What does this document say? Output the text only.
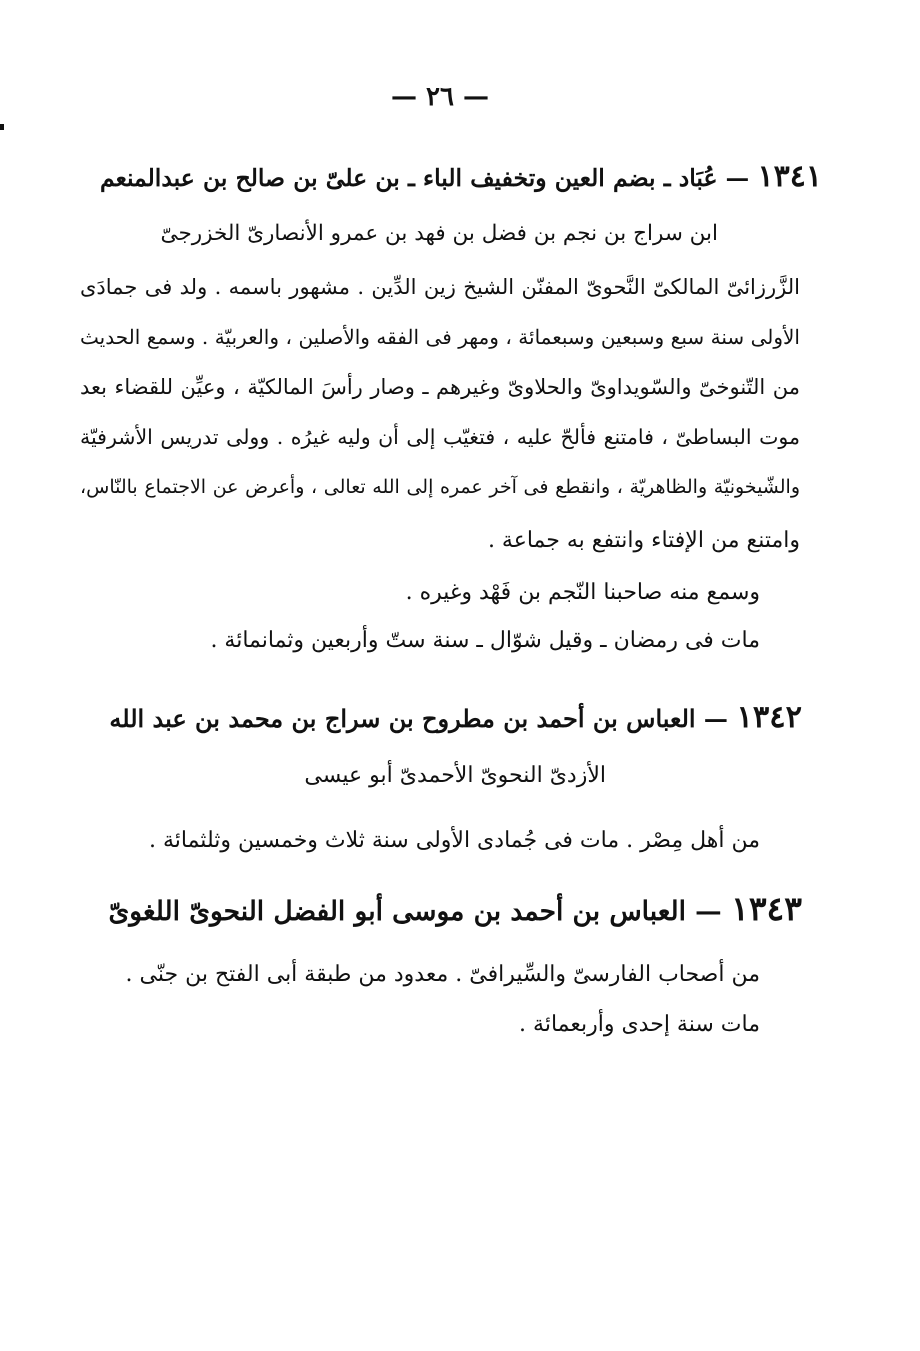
— ٢٦ —
١٣٤١ — عُبَاد ـ بضم العين وتخفيف الباء ـ بن علىّ بن صالح بن عبدالمنعم
ابن سراج بن نجم بن فضل بن فهد بن عمرو الأنصارىّ الخزرجىّ
الزَّرزائىّ المالكىّ النَّحوىّ المفنّن الشيخ زين الدِّين . مشهور باسمه . ولد فى جمادَى
الأولى سنة سبع وسبعين وسبعمائة ، ومهر فى الفقه والأصلين ، والعربيّة . وسمع الحديث
من التّنوخىّ والسّويداوىّ والحلاوىّ وغيرهم ـ وصار رأسَ المالكيّة ، وعيِّن للقضاء بعد
موت البساطىّ ، فامتنع فألحّ عليه ، فتغيّب إلى أن وليه غيرُه . وولى تدريس الأشرفيّة
والشّيخونيّة والظاهريّة ، وانقطع فى آخر عمره إلى الله تعالى ، وأعرض عن الاجتماع بالنّاس،
وامتنع من الإفتاء وانتفع به جماعة .
وسمع منه صاحبنا النّجم بن فَهْد وغيره .
مات فى رمضان ـ وقيل شوّال ـ سنة ستّ وأربعين وثمانمائة .
١٣٤٢ — العباس بن أحمد بن مطروح بن سراج بن محمد بن عبد الله
الأزدىّ النحوىّ الأحمدىّ أبو عيسى
من أهل مِصْر . مات فى جُمادى الأولى سنة ثلاث وخمسين وثلثمائة .
١٣٤٣ — العباس بن أحمد بن موسى أبو الفضل النحوىّ اللغوىّ
من أصحاب الفارسىّ والسِّيرافىّ . معدود من طبقة أبى الفتح بن جنّى .
مات سنة إحدى وأربعمائة .
